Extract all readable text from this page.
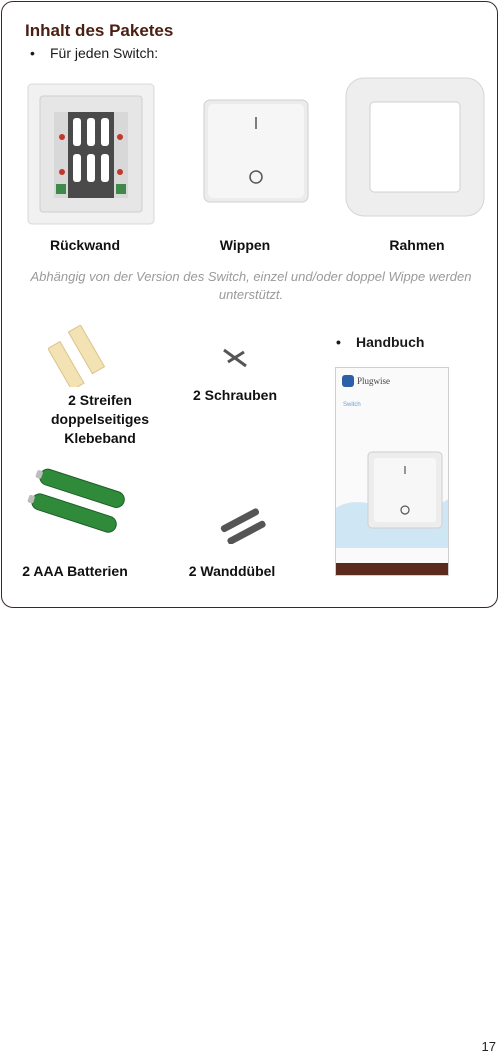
Inhalt des Paketes
• Für jeden Switch:
Rückwand	Wippen	Rahmen
Abhängig von der Version des Switch, einzel und/oder doppel Wippe werden unterstützt.
• Handbuch
2 Streifen doppelseitiges Klebeband
2 Schrauben
Plugwise
Switch
2 AAA Batterien	2 Wanddübel
17
